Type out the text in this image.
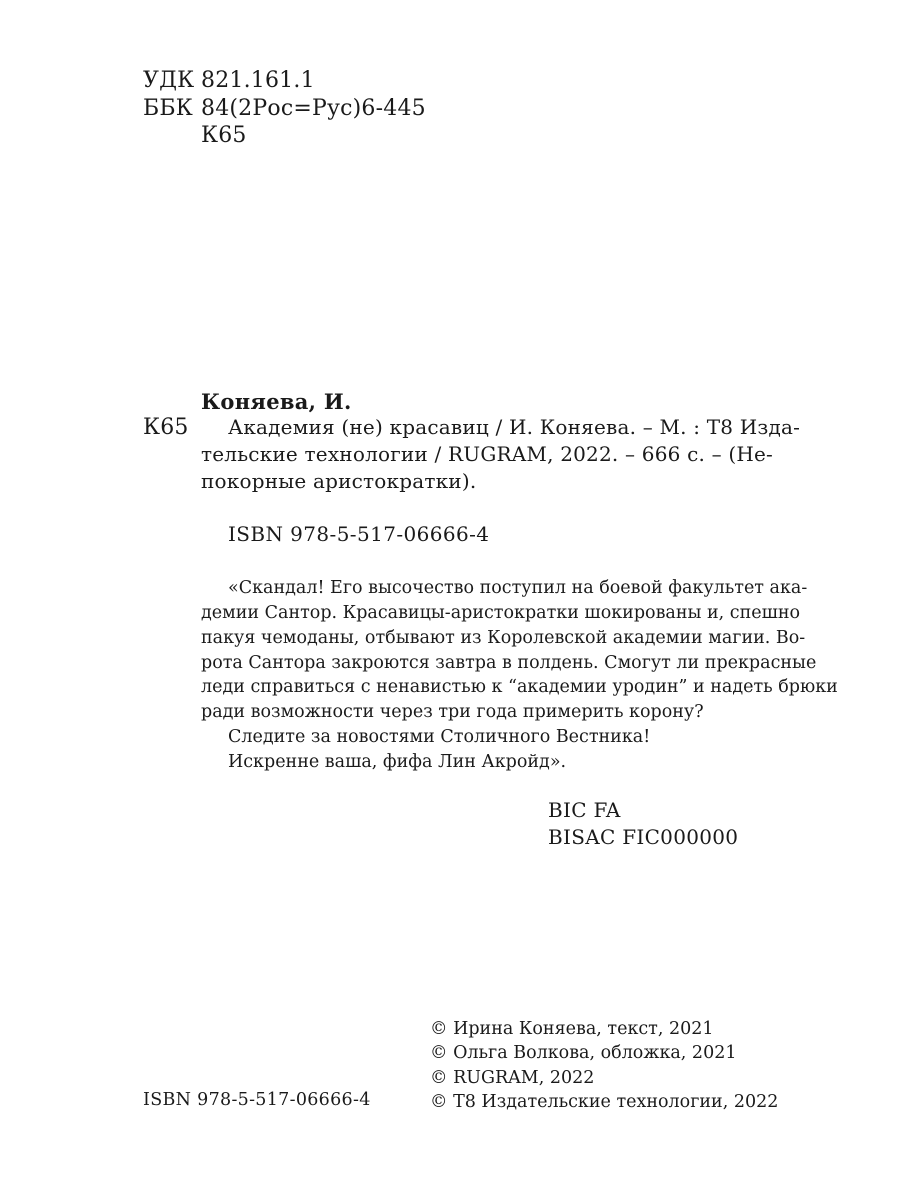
УДК 821.161.1
ББК 84(2Рос=Рус)6-445
К65
Коняева, И.
К65 Академия (не) красавиц / И. Коняева. – М. : Т8 Изда-
тельские технологии / RUGRAM, 2022. – 666 с. – (Не-
покорные аристократки).
ISBN 978-5-517-06666-4
«Скандал! Его высочество поступил на боевой факультет ака-
демии Сантор. Красавицы-аристократки шокированы и, спешно
пакуя чемоданы, отбывают из Королевской академии магии. Во-
рота Сантора закроются завтра в полдень. Смогут ли прекрасные
леди справиться с ненавистью к “академии уродин” и надеть брюки
ради возможности через три года примерить корону?
Следите за новостями Столичного Вестника!
Искренне ваша, фифа Лин Акройд».
BIC FA
BISAC FIC000000
© Ирина Коняева, текст, 2021
© Ольга Волкова, обложка, 2021
© RUGRAM, 2022
© Т8 Издательские технологии, 2022
ISBN 978-5-517-06666-4
